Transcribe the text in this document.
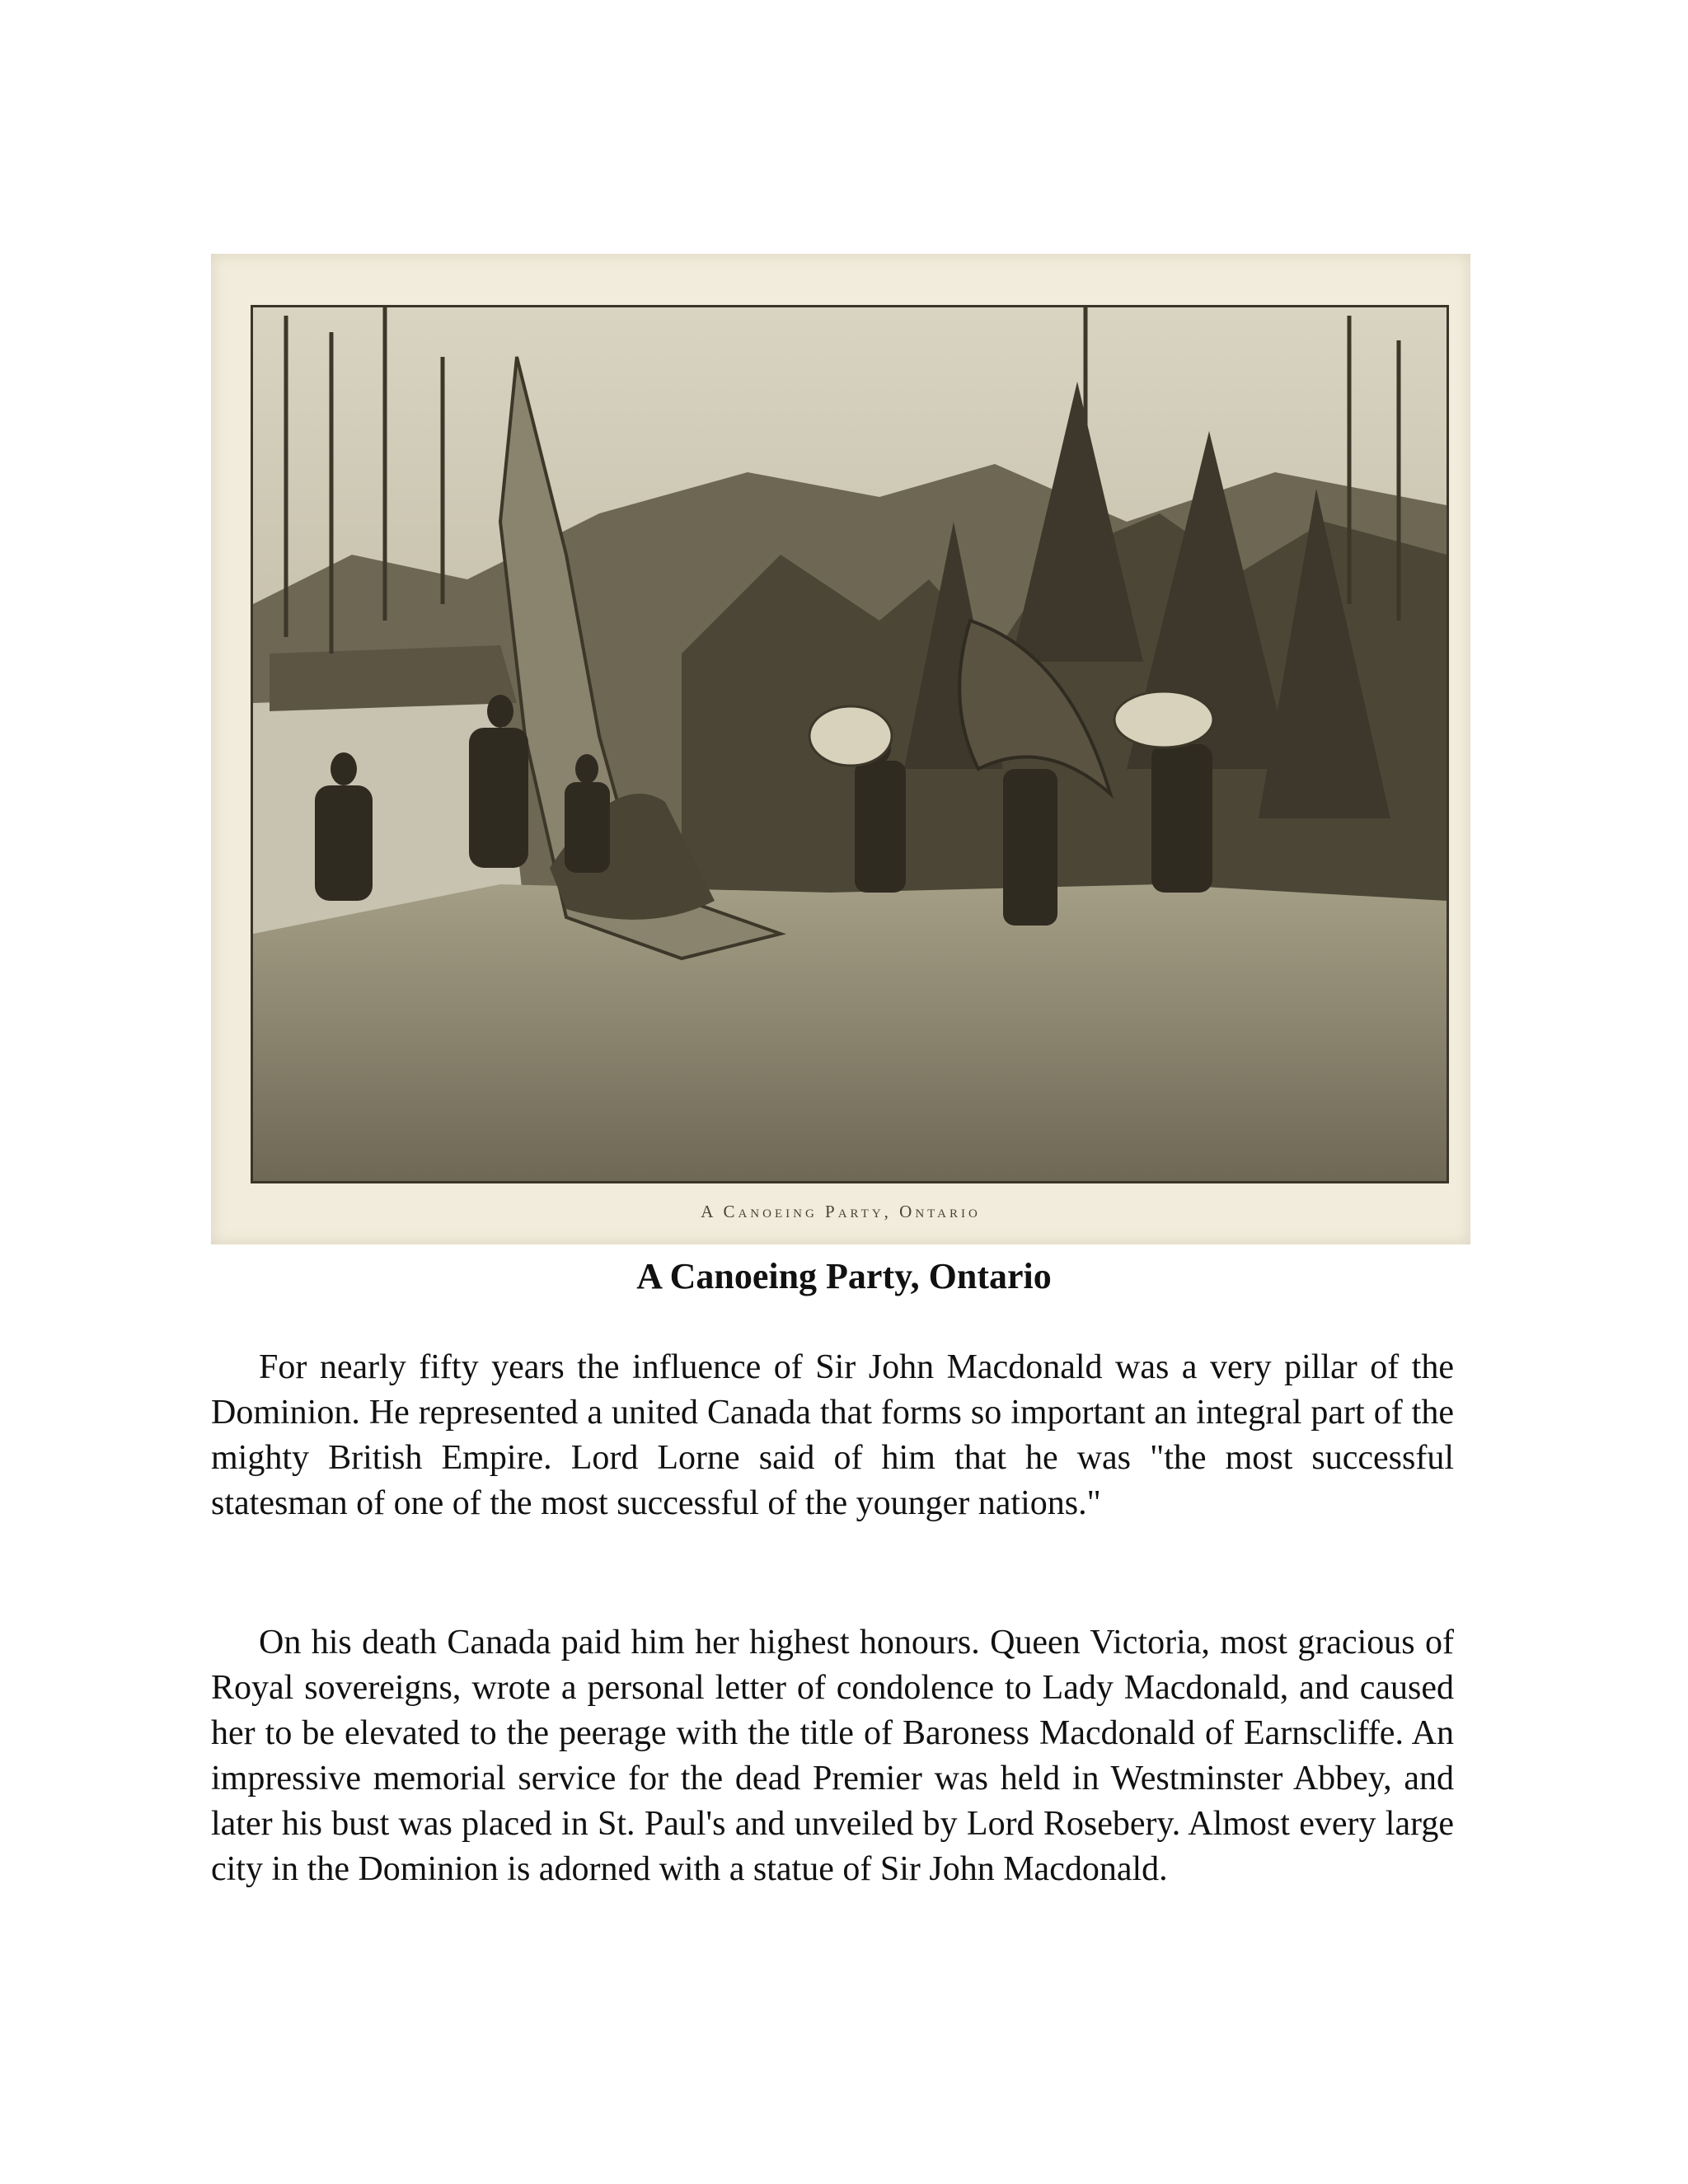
A Canoeing Party, Ontario
A Canoeing Party, Ontario

For nearly fifty years the influence of Sir John Macdonald was a very pillar of the Dominion. He represented a united Canada that forms so important an integral part of the mighty British Empire. Lord Lorne said of him that he was "the most successful statesman of one of the most successful of the younger nations."

On his death Canada paid him her highest honours. Queen Victoria, most gracious of Royal sovereigns, wrote a personal letter of condolence to Lady Macdonald, and caused her to be elevated to the peerage with the title of Baroness Macdonald of Earnscliffe. An impressive memorial service for the dead Premier was held in Westminster Abbey, and later his bust was placed in St. Paul's and unveiled by Lord Rosebery. Almost every large city in the Dominion is adorned with a statue of Sir John Macdonald.
